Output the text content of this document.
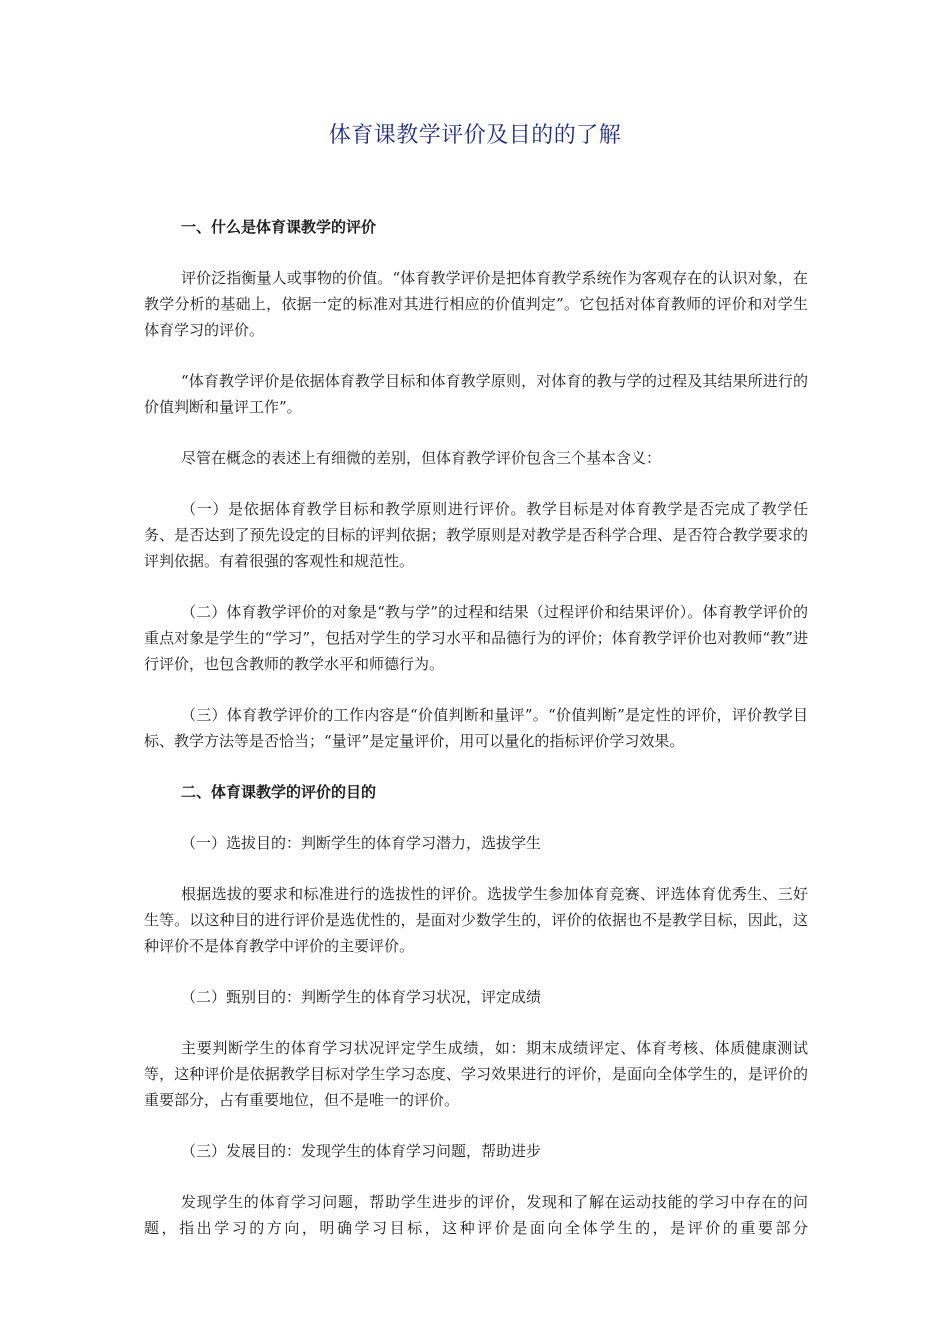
体育课教学评价及目的的了解
一、什么是体育课教学的评价
评价泛指衡量人或事物的价值。“体育教学评价是把体育教学系统作为客观存在的认识对象，在教学分析的基础上，依据一定的标准对其进行相应的价值判定”。它包括对体育教师的评价和对学生体育学习的评价。
“体育教学评价是依据体育教学目标和体育教学原则，对体育的教与学的过程及其结果所进行的价值判断和量评工作”。
尽管在概念的表述上有细微的差别，但体育教学评价包含三个基本含义：
（一）是依据体育教学目标和教学原则进行评价。教学目标是对体育教学是否完成了教学任务、是否达到了预先设定的目标的评判依据；教学原则是对教学是否科学合理、是否符合教学要求的评判依据。有着很强的客观性和规范性。
（二）体育教学评价的对象是“教与学”的过程和结果（过程评价和结果评价）。体育教学评价的重点对象是学生的“学习”，包括对学生的学习水平和品德行为的评价；体育教学评价也对教师“教”进行评价，也包含教师的教学水平和师德行为。
（三）体育教学评价的工作内容是“价值判断和量评”。“价值判断”是定性的评价，评价教学目标、教学方法等是否恰当；“量评”是定量评价，用可以量化的指标评价学习效果。
二、体育课教学的评价的目的
（一）选拔目的：判断学生的体育学习潜力，选拔学生
根据选拔的要求和标准进行的选拔性的评价。选拔学生参加体育竞赛、评选体育优秀生、三好生等。以这种目的进行评价是选优性的，是面对少数学生的，评价的依据也不是教学目标，因此，这种评价不是体育教学中评价的主要评价。
（二）甄别目的：判断学生的体育学习状况，评定成绩
主要判断学生的体育学习状况评定学生成绩，如：期末成绩评定、体育考核、体质健康测试等，这种评价是依据教学目标对学生学习态度、学习效果进行的评价，是面向全体学生的，是评价的重要部分，占有重要地位，但不是唯一的评价。
（三）发展目的：发现学生的体育学习问题，帮助进步
发现学生的体育学习问题，帮助学生进步的评价，发现和了解在运动技能的学习中存在的问题，指出学习的方向，明确学习目标，这种评价是面向全体学生的，是评价的重要部分
